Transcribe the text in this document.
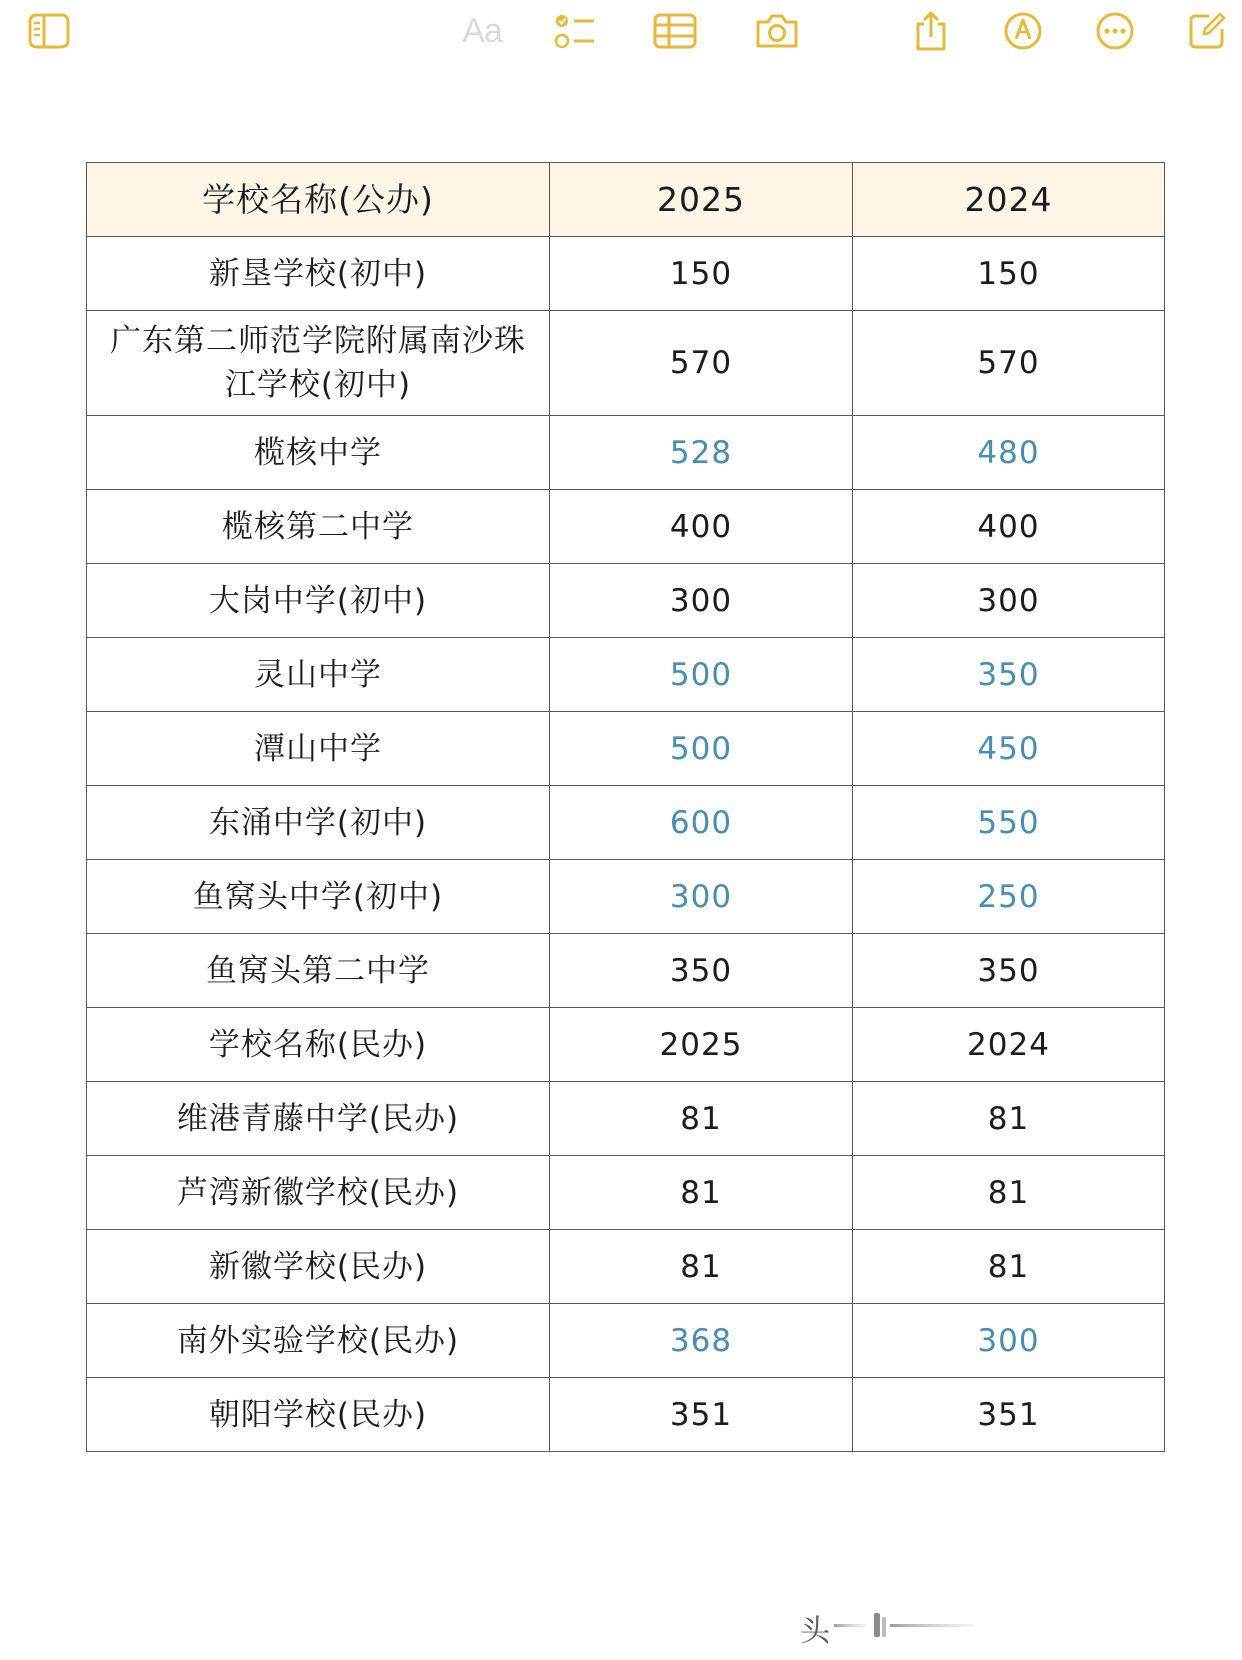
Aa
学校名称(公办)	2025	2024
新垦学校(初中)	150	150
广东第二师范学院附属南沙珠江学校(初中)	570	570
榄核中学	528	480
榄核第二中学	400	400
大岗中学(初中)	300	300
灵山中学	500	350
潭山中学	500	450
东涌中学(初中)	600	550
鱼窝头中学(初中)	300	250
鱼窝头第二中学	350	350
学校名称(民办)	2025	2024
维港青藤中学(民办)	81	81
芦湾新徽学校(民办)	81	81
新徽学校(民办)	81	81
南外实验学校(民办)	368	300
朝阳学校(民办)	351	351
头
